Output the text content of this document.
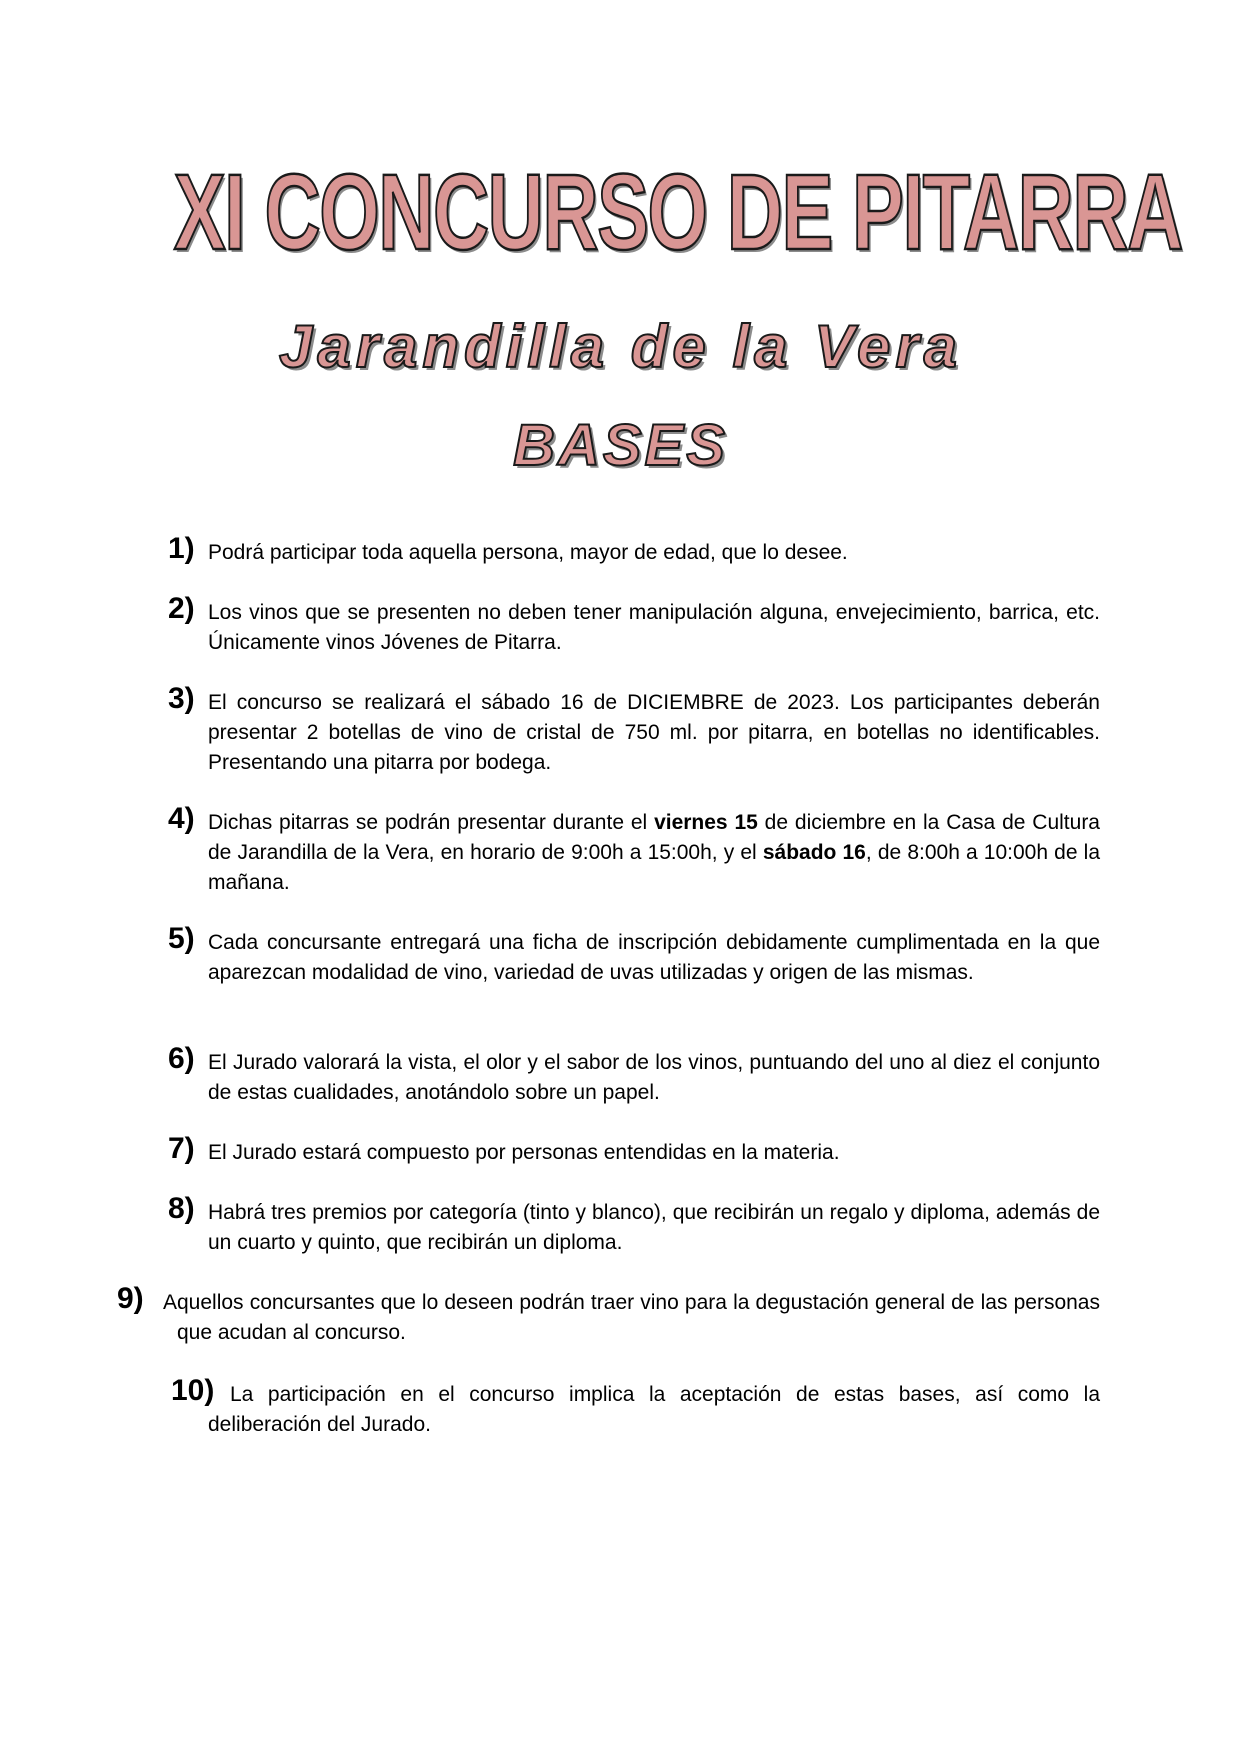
XI CONCURSO DE PITARRA
Jarandilla de la Vera
BASES
1) Podrá participar toda aquella persona, mayor de edad, que lo desee.
2) Los vinos que se presenten no deben tener manipulación alguna, envejecimiento, barrica, etc. Únicamente vinos Jóvenes de Pitarra.
3) El concurso se realizará el sábado 16 de DICIEMBRE de 2023. Los participantes deberán presentar 2 botellas de vino de cristal de 750 ml. por pitarra, en botellas no identificables. Presentando una pitarra por bodega.
4) Dichas pitarras se podrán presentar durante el viernes 15 de diciembre en la Casa de Cultura de Jarandilla de la Vera, en horario de 9:00h a 15:00h, y el sábado 16, de 8:00h a 10:00h de la mañana.
5) Cada concursante entregará una ficha de inscripción debidamente cumplimentada en la que aparezcan modalidad de vino, variedad de uvas utilizadas y origen de las mismas.
6) El Jurado valorará la vista, el olor y el sabor de los vinos, puntuando del uno al diez el conjunto de estas cualidades, anotándolo sobre un papel.
7) El Jurado estará compuesto por personas entendidas en la materia.
8) Habrá tres premios por categoría (tinto y blanco), que recibirán un regalo y diploma, además de un cuarto y quinto, que recibirán un diploma.
9) Aquellos concursantes que lo deseen podrán traer vino para la degustación general de las personas que acudan al concurso.
10) La participación en el concurso implica la aceptación de estas bases, así como la deliberación del Jurado.
